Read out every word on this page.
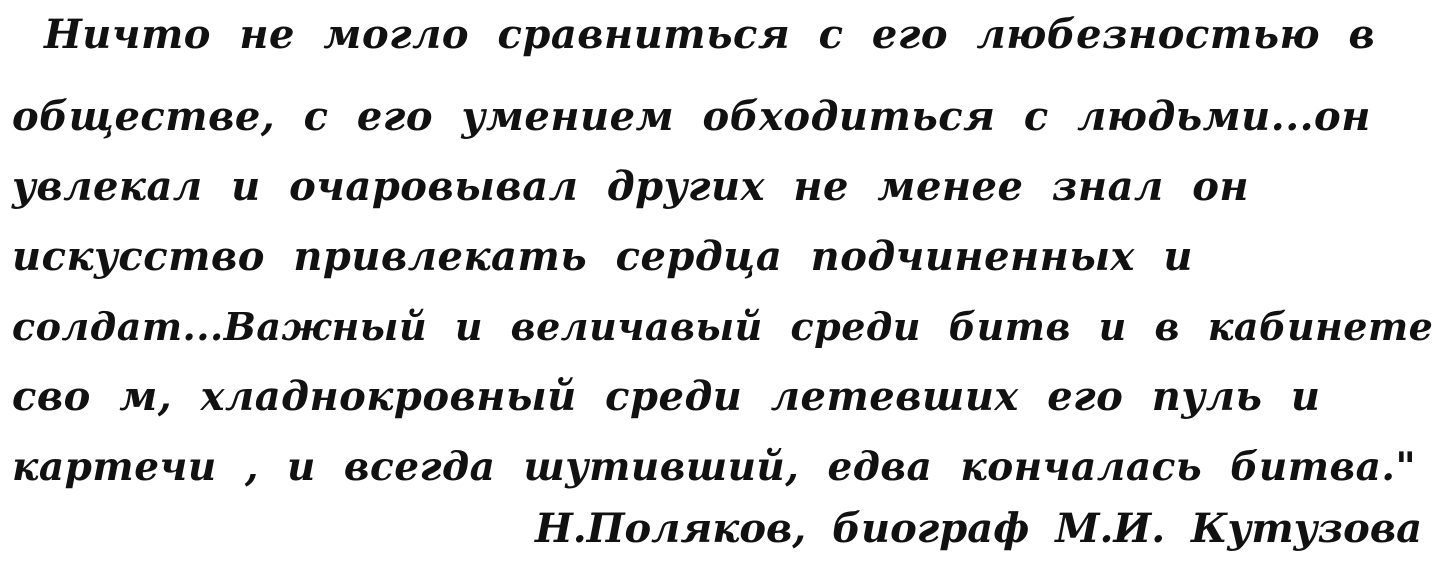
Ничто не могло сравниться с его любезностью в
обществе, с его умением обходиться с людьми...он
увлекал и очаровывал других не менее знал он
искусство привлекать сердца подчиненных и
солдат...Важный и величавый среди битв и в кабинете
сво м, хладнокровный среди летевших его пуль и
картечи , и всегда шутивший, едва кончалась битва."
Н.Поляков, биограф М.И. Кутузова
